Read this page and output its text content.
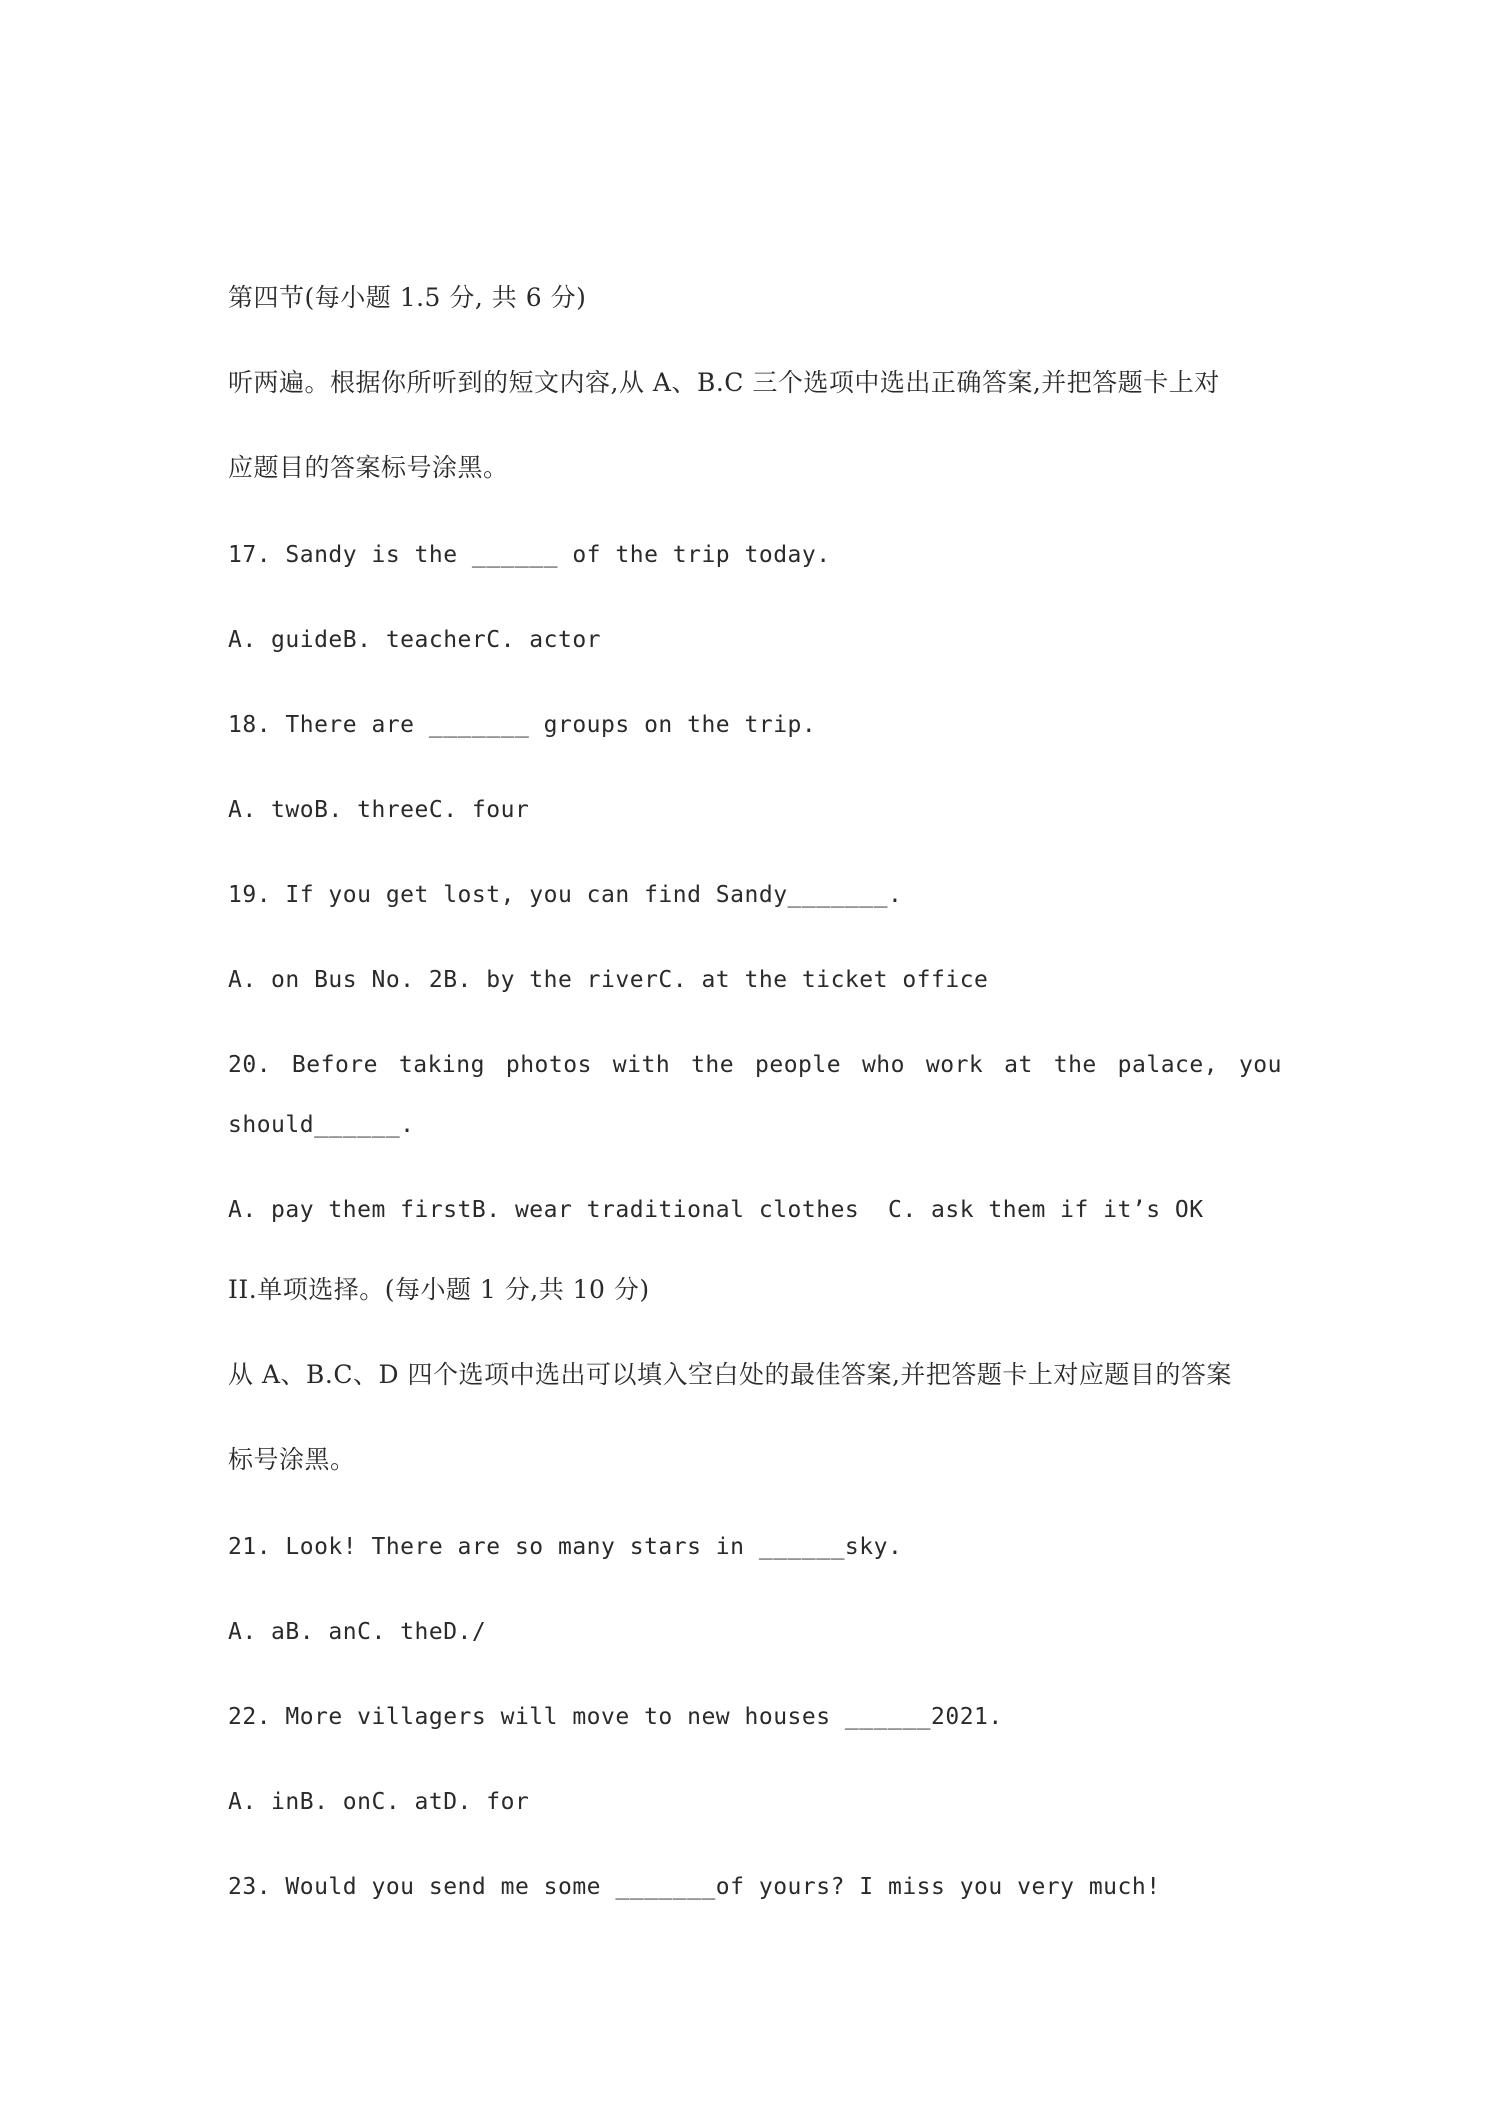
第四节(每小题 1.5 分, 共 6 分)

听两遍。根据你所听到的短文内容,从 A、B.C 三个选项中选出正确答案,并把答题卡上对

应题目的答案标号涂黑。

17. Sandy is the ______ of the trip today.

A. guideB. teacherC. actor

18. There are _______ groups on the trip.

A. twoB. threeC. four

19. If you get lost, you can find Sandy_______.

A. on Bus No. 2B. by the riverC. at the ticket office

20. Before taking photos with the people who work at the palace, you

should______.

A. pay them firstB. wear traditional clothes  C. ask them if it’s OK

II.单项选择。(每小题 1 分,共 10 分)

从 A、B.C、D 四个选项中选出可以填入空白处的最佳答案,并把答题卡上对应题目的答案

标号涂黑。

21. Look! There are so many stars in ______sky.

A. aB. anC. theD./

22. More villagers will move to new houses ______2021.

A. inB. onC. atD. for

23. Would you send me some _______of yours? I miss you very much!
